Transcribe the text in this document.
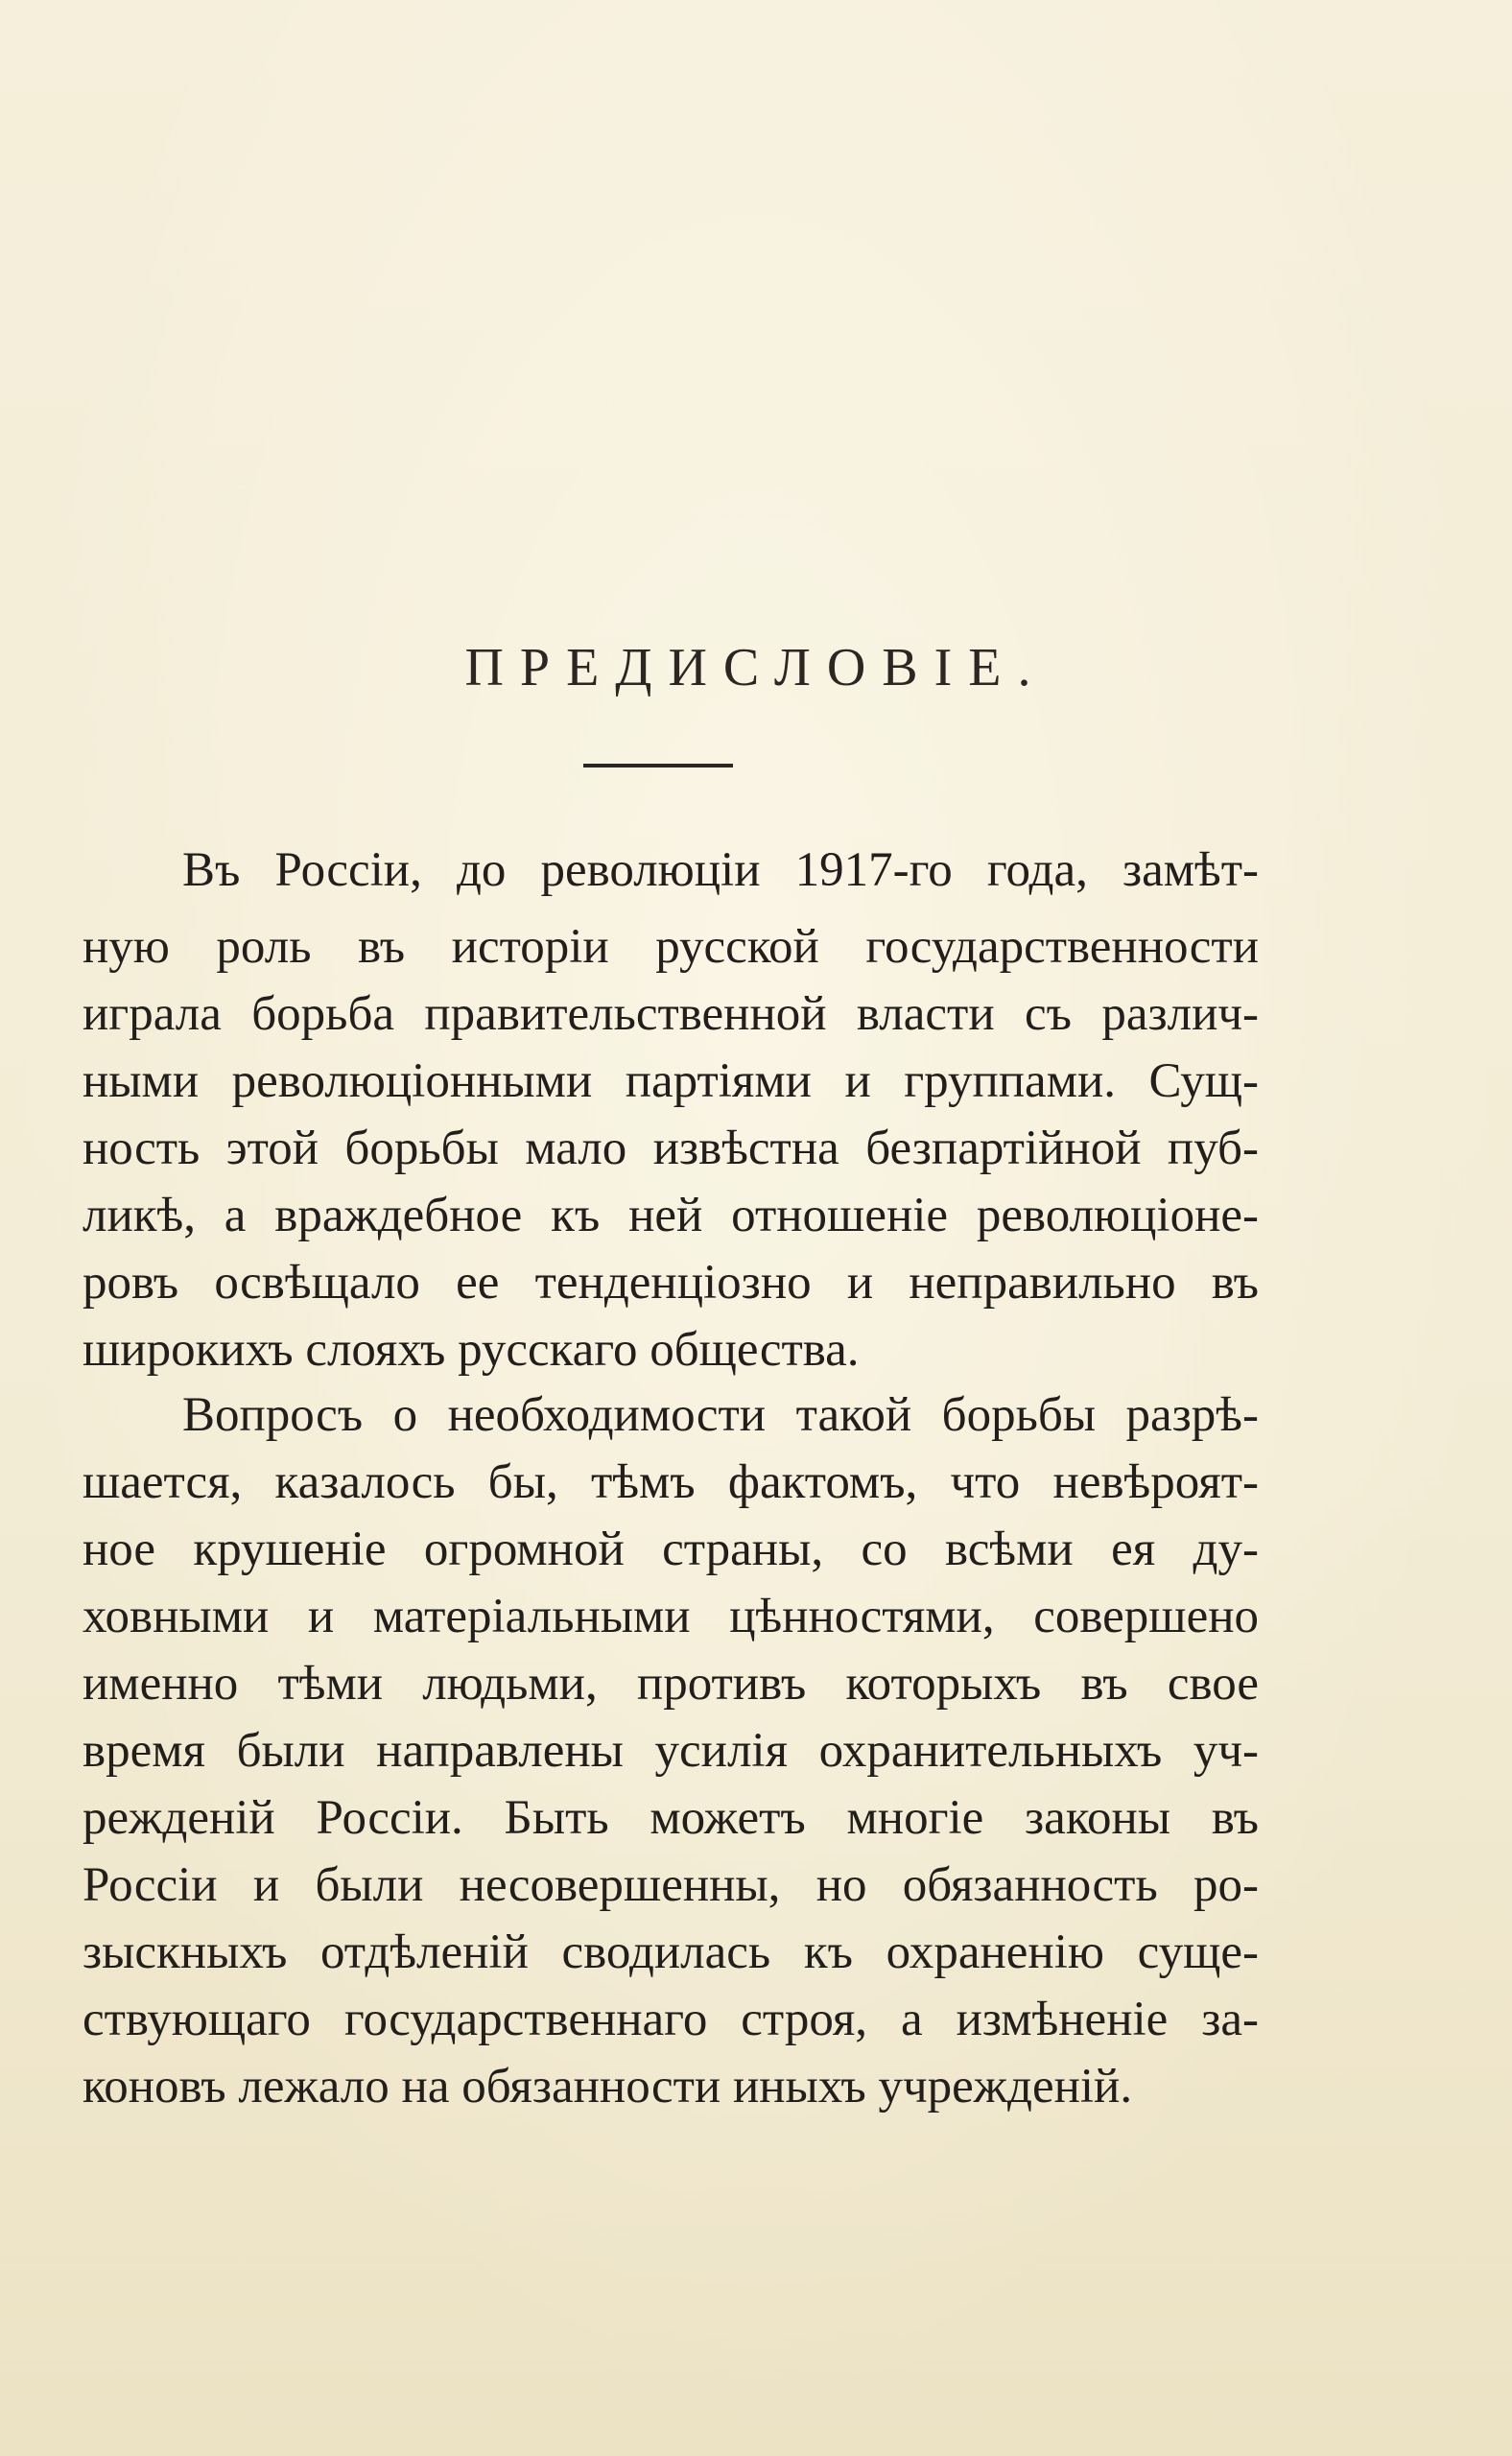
ПРЕДИСЛОВІЕ.
Въ Россіи, до революціи 1917-го года, замѣт-
ную роль въ исторіи русской государственности
играла борьба правительственной власти съ различ-
ными революціонными партіями и группами. Сущ-
ность этой борьбы мало извѣстна безпартійной пуб-
ликѣ, а враждебное къ ней отношеніе революціоне-
ровъ освѣщало ее тенденціозно и неправильно въ
широкихъ слояхъ русскаго общества.
Вопросъ о необходимости такой борьбы разрѣ-
шается, казалось бы, тѣмъ фактомъ, что невѣроят-
ное крушеніе огромной страны, со всѣми ея ду-
ховными и матеріальными цѣнностями, совершено
именно тѣми людьми, противъ которыхъ въ свое
время были направлены усилія охранительныхъ уч-
режденій Россіи. Быть можетъ многіе законы въ
Россіи и были несовершенны, но обязанность ро-
зыскныхъ отдѣленій сводилась къ охраненію суще-
ствующаго государственнаго строя, а измѣненіе за-
коновъ лежало на обязанности иныхъ учрежденій.
